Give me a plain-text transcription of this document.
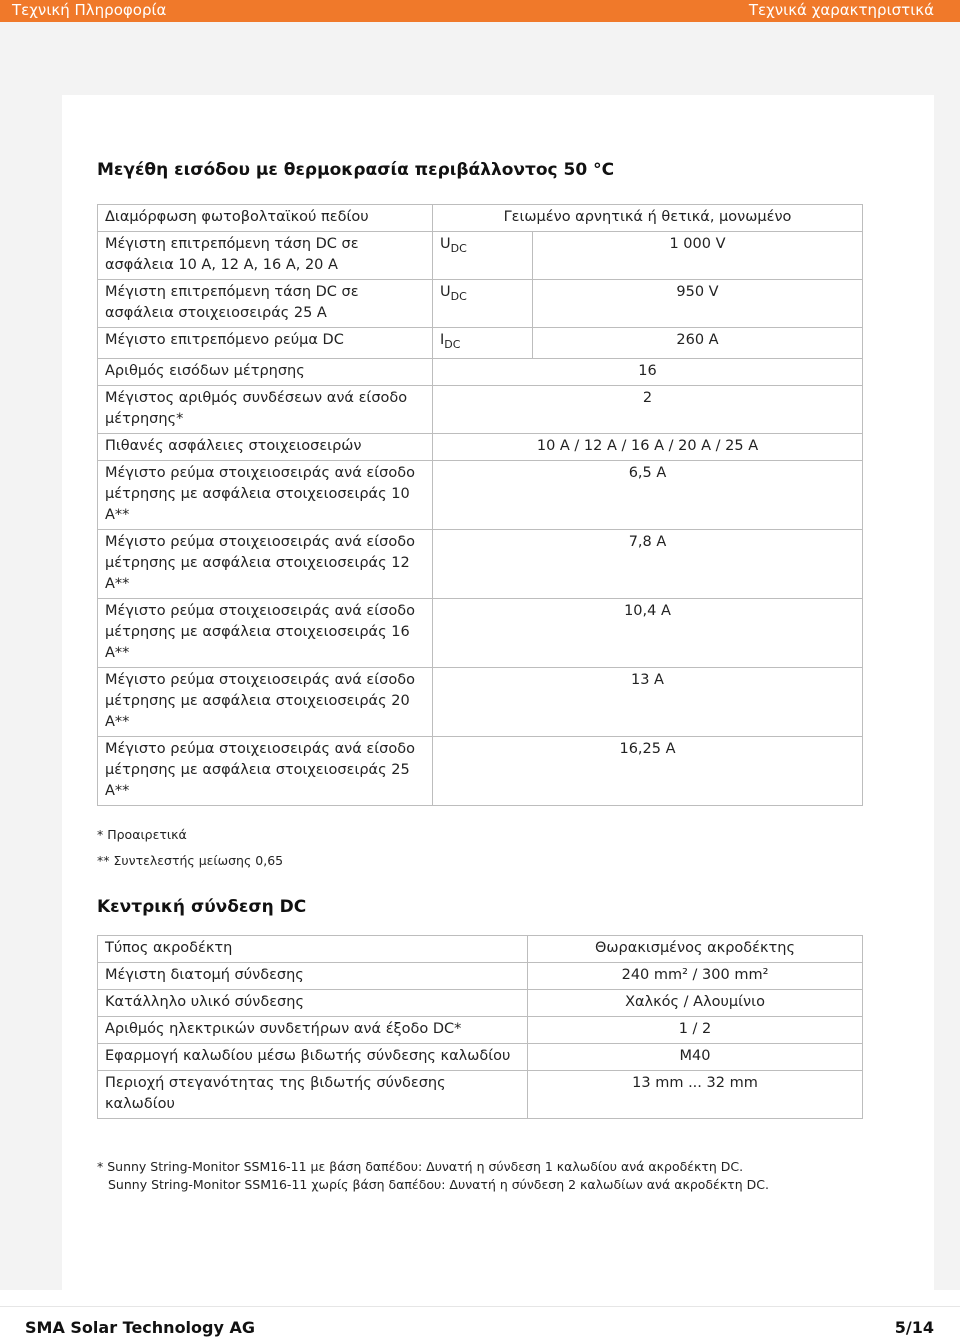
Τεχνική Πληροφορία	Τεχνικά χαρακτηριστικά
Μεγέθη εισόδου με θερμοκρασία περιβάλλοντος 50 °C
Διαμόρφωση φωτοβολταϊκού πεδίου	Γειωμένο αρνητικά ή θετικά, μονωμένο	
Μέγιστη επιτρεπόμενη τάση DC σε ασφάλεια 10 A, 12 A, 16 A, 20 A	$U_{DC}$	1 000 V
Μέγιστη επιτρεπόμενη τάση DC σε ασφάλεια στοιχειοσειράς 25 A	$U_{DC}$	950 V
Μέγιστο επιτρεπόμενο ρεύμα DC	$I_{DC}$	260 A
Αριθμός εισόδων μέτρησης	16	
Μέγιστος αριθμός συνδέσεων ανά είσοδο μέτρησης*	2	
Πιθανές ασφάλειες στοιχειοσειρών	10 A / 12 A / 16 A / 20 A / 25 A	
Μέγιστο ρεύμα στοιχειοσειράς ανά είσοδο μέτρησης με ασφάλεια στοιχειοσειράς 10 A**	6,5 A	
Μέγιστο ρεύμα στοιχειοσειράς ανά είσοδο μέτρησης με ασφάλεια στοιχειοσειράς 12 A**	7,8 A	
Μέγιστο ρεύμα στοιχειοσειράς ανά είσοδο μέτρησης με ασφάλεια στοιχειοσειράς 16 A**	10,4 A	
Μέγιστο ρεύμα στοιχειοσειράς ανά είσοδο μέτρησης με ασφάλεια στοιχειοσειράς 20 A**	13 A	
Μέγιστο ρεύμα στοιχειοσειράς ανά είσοδο μέτρησης με ασφάλεια στοιχειοσειράς 25 A**	16,25 A	

* Προαιρετικά

** Συντελεστής μείωσης 0,65

Κεντρική σύνδεση DC
Τύπος ακροδέκτη	Θωρακισμένος ακροδέκτης
Μέγιστη διατομή σύνδεσης	240 mm² / 300 mm²
Κατάλληλο υλικό σύνδεσης	Χαλκός / Αλουμίνιο
Αριθμός ηλεκτρικών συνδετήρων ανά έξοδο DC*	1 / 2
Εφαρμογή καλωδίου μέσω βιδωτής σύνδεσης καλωδίου	M40
Περιοχή στεγανότητας της βιδωτής σύνδεσης καλωδίου	13 mm ... 32 mm

* Sunny String-Monitor SSM16-11 με βάση δαπέδου: Δυνατή η σύνδεση 1 καλωδίου ανά ακροδέκτη DC.

Sunny String-Monitor SSM16-11 χωρίς βάση δαπέδου: Δυνατή η σύνδεση 2 καλωδίων ανά ακροδέκτη DC.

SMA Solar Technology AG	5/14
